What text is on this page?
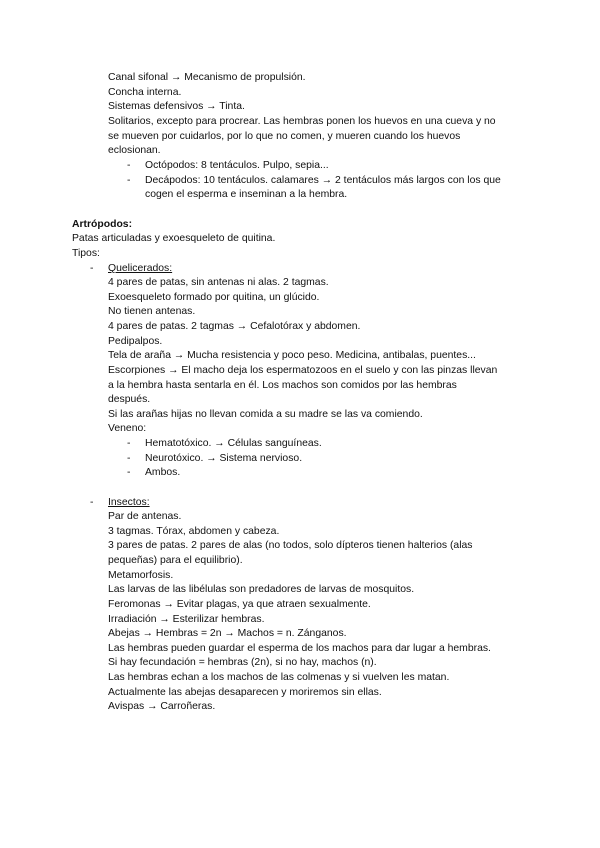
Canal sifonal → Mecanismo de propulsión.
Concha interna.
Sistemas defensivos → Tinta.
Solitarios, excepto para procrear. Las hembras ponen los huevos en una cueva y no
se mueven por cuidarlos, por lo que no comen, y mueren cuando los huevos
eclosionan.
- Octópodos: 8 tentáculos. Pulpo, sepia...
- Decápodos: 10 tentáculos. calamares → 2 tentáculos más largos con los que
cogen el esperma e inseminan a la hembra.
Artrópodos:
Patas articuladas y exoesqueleto de quitina.
Tipos:
- Quelicerados:
4 pares de patas, sin antenas ni alas. 2 tagmas.
Exoesqueleto formado por quitina, un glúcido.
No tienen antenas.
4 pares de patas. 2 tagmas → Cefalotórax y abdomen.
Pedipalpos.
Tela de araña → Mucha resistencia y poco peso. Medicina, antibalas, puentes...
Escorpiones → El macho deja los espermatozoos en el suelo y con las pinzas llevan
a la hembra hasta sentarla en él. Los machos son comidos por las hembras
después.
Si las arañas hijas no llevan comida a su madre se las va comiendo.
Veneno:
- Hematotóxico. → Células sanguíneas.
- Neurotóxico. → Sistema nervioso.
- Ambos.
- Insectos:
Par de antenas.
3 tagmas. Tórax, abdomen y cabeza.
3 pares de patas. 2 pares de alas (no todos, solo dípteros tienen halterios (alas
pequeñas) para el equilibrio).
Metamorfosis.
Las larvas de las libélulas son predadores de larvas de mosquitos.
Feromonas → Evitar plagas, ya que atraen sexualmente.
Irradiación → Esterilizar hembras.
Abejas → Hembras = 2n → Machos = n. Zánganos.
Las hembras pueden guardar el esperma de los machos para dar lugar a hembras.
Si hay fecundación = hembras (2n), si no hay, machos (n).
Las hembras echan a los machos de las colmenas y si vuelven les matan.
Actualmente las abejas desaparecen y moriremos sin ellas.
Avispas → Carroñeras.
